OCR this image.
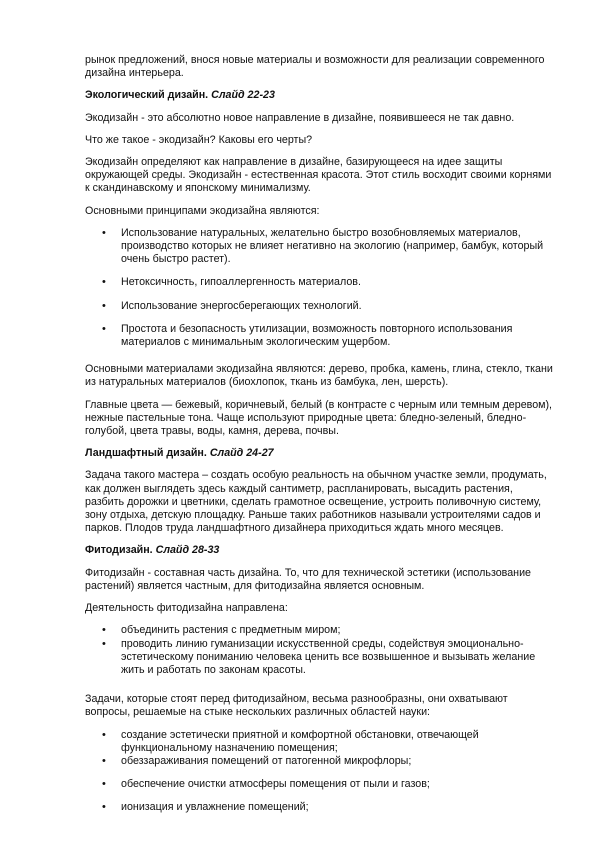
рынок предложений, внося новые материалы и возможности для реализации современного дизайна интерьера.

Экологический дизайн. Слайд 22-23

Экодизайн - это абсолютно новое направление в дизайне, появившееся не так давно.

Что же такое - экодизайн? Каковы его черты?

Экодизайн определяют как направление в дизайне, базирующееся на идее защиты окружающей среды. Экодизайн - естественная красота. Этот стиль восходит своими корнями к скандинавскому и японскому минимализму.

Основными принципами экодизайна являются:

• Использование натуральных, желательно быстро возобновляемых материалов, производство которых не влияет негативно на экологию (например, бамбук, который очень быстро растет).
• Нетоксичность, гипоаллергенность материалов.
• Использование энергосберегающих технологий.
• Простота и безопасность утилизации, возможность повторного использования материалов с минимальным экологическим ущербом.

Основными материалами экодизайна являются: дерево, пробка, камень, глина, стекло, ткани из натуральных материалов (биохлопок, ткань из бамбука, лен, шерсть).

Главные цвета — бежевый, коричневый, белый (в контрасте с черным или темным деревом), нежные пастельные тона. Чаще используют природные цвета: бледно-зеленый, бледно-голубой, цвета травы, воды, камня, дерева, почвы.

Ландшафтный дизайн. Слайд 24-27

Задача такого мастера – создать особую реальность на обычном участке земли, продумать, как должен выглядеть здесь каждый сантиметр, распланировать, высадить растения, разбить дорожки и цветники, сделать грамотное освещение, устроить поливочную систему, зону отдыха, детскую площадку. Раньше таких работников называли устроителями садов и парков. Плодов труда ландшафтного дизайнера приходиться ждать много месяцев.

Фитодизайн. Слайд 28-33

Фитодизайн - составная часть дизайна. То, что для технической эстетики (использование растений) является частным, для фитодизайна является основным.

Деятельность фитодизайна направлена:

• объединить растения с предметным миром;
• проводить линию гуманизации искусственной среды, содействуя эмоционально-эстетическому пониманию человека ценить все возвышенное и вызывать желание жить и работать по законам красоты.

Задачи, которые стоят перед фитодизайном, весьма разнообразны, они охватывают вопросы, решаемые на стыке нескольких различных областей науки:

• создание эстетически приятной и комфортной обстановки, отвечающей функциональному назначению помещения;
• обеззараживания помещений от патогенной микрофлоры;
• обеспечение очистки атмосферы помещения от пыли и газов;
• ионизация и увлажнение помещений;
